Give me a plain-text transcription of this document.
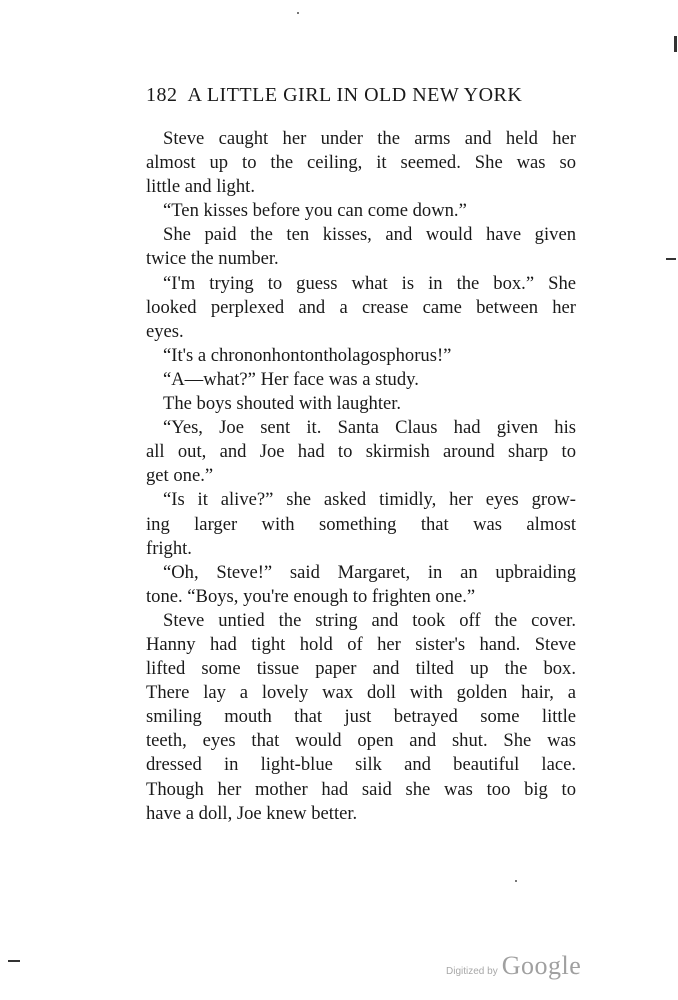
182 A LITTLE GIRL IN OLD NEW YORK
Steve caught her under the arms and held her
almost up to the ceiling, it seemed. She was so
little and light.
“Ten kisses before you can come down.”
She paid the ten kisses, and would have given
twice the number.
“I'm trying to guess what is in the box.” She
looked perplexed and a crease came between her
eyes.
“It's a chrononhontontholagosphorus!”
“A—what?” Her face was a study.
The boys shouted with laughter.
“Yes, Joe sent it. Santa Claus had given his
all out, and Joe had to skirmish around sharp to
get one.”
“Is it alive?” she asked timidly, her eyes grow-
ing larger with something that was almost
fright.
“Oh, Steve!” said Margaret, in an upbraiding
tone. “Boys, you're enough to frighten one.”
Steve untied the string and took off the cover.
Hanny had tight hold of her sister's hand. Steve
lifted some tissue paper and tilted up the box.
There lay a lovely wax doll with golden hair, a
smiling mouth that just betrayed some little
teeth, eyes that would open and shut. She was
dressed in light-blue silk and beautiful lace.
Though her mother had said she was too big to
have a doll, Joe knew better.
Digitized by Google
